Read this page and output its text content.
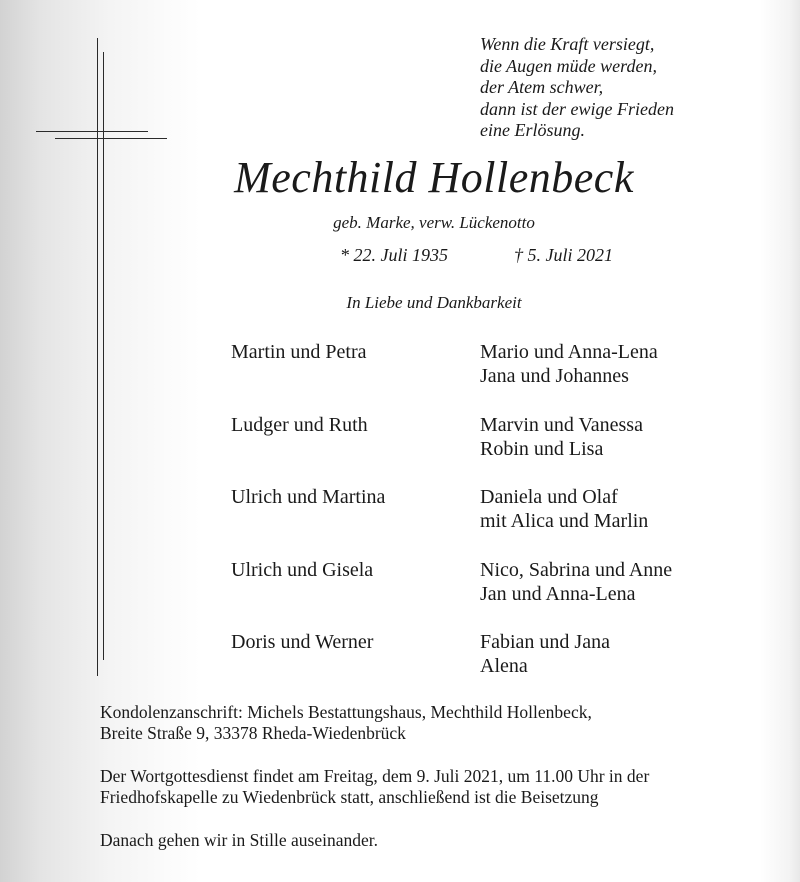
Wenn die Kraft versiegt,
die Augen müde werden,
der Atem schwer,
dann ist der ewige Frieden
eine Erlösung.
Mechthild Hollenbeck
geb. Marke, verw. Lückenotto
* 22. Juli 1935	† 5. Juli 2021
In Liebe und Dankbarkeit
Martin und Petra	Mario und Anna-Lena
Jana und Johannes
Ludger und Ruth	Marvin und Vanessa
Robin und Lisa
Ulrich und Martina	Daniela und Olaf
mit Alica und Marlin
Ulrich und Gisela	Nico, Sabrina und Anne
Jan und Anna-Lena
Doris und Werner	Fabian und Jana
Alena

Kondolenzanschrift: Michels Bestattungshaus, Mechthild Hollenbeck,
Breite Straße 9, 33378 Rheda-Wiedenbrück

Der Wortgottesdienst findet am Freitag, dem 9. Juli 2021, um 11.00 Uhr in der
Friedhofskapelle zu Wiedenbrück statt, anschließend ist die Beisetzung

Danach gehen wir in Stille auseinander.
